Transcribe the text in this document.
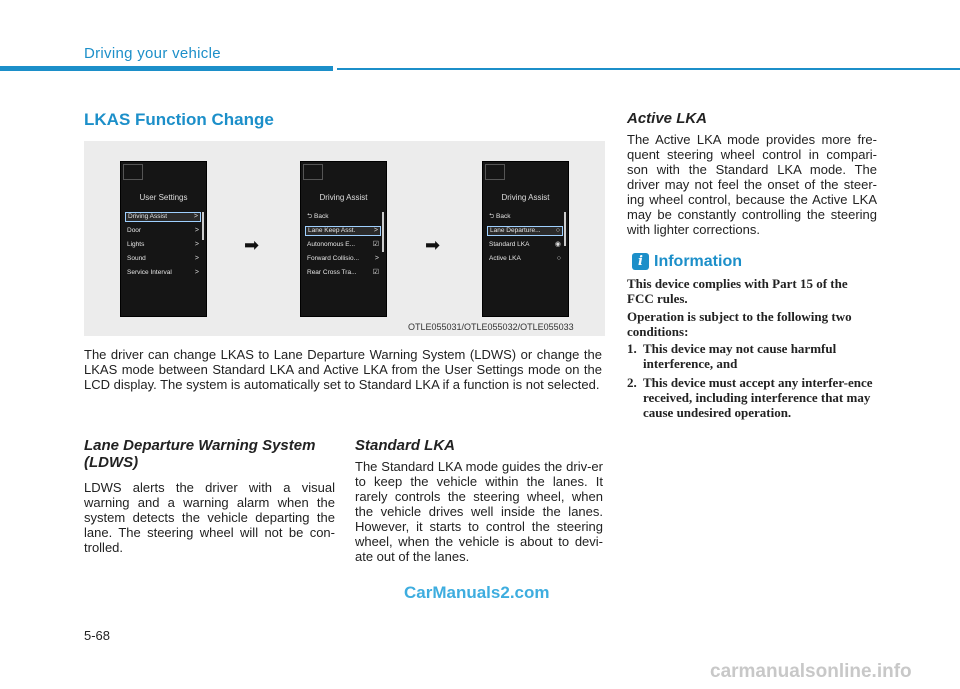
Driving your vehicle
LKAS Function Change
User Settings
Driving Assist	>
Door	>
Lights	>
Sound	>
Service Interval	>
➡
Driving Assist
⮌ Back
Lane Keep Asst.	>
Autonomous E...	☑
Forward Collisio... >
Rear Cross Tra... ☑
➡
Driving Assist
⮌ Back
Lane Departure... ○
Standard LKA	◉
Active LKA	○
OTLE055031/OTLE055032/OTLE055033
The driver can change LKAS to Lane Departure Warning System (LDWS) or change the LKAS mode between Standard LKA and Active LKA from the User Settings mode on the LCD display. The system is automatically set to Standard LKA if a function is not selected.
Lane Departure Warning System
(LDWS)
LDWS alerts the driver with a visual warning and a warning alarm when the system detects the vehicle departing the lane. The steering wheel will not be con-trolled.
Standard LKA
The Standard LKA mode guides the driv-er to keep the vehicle within the lanes. It rarely controls the steering wheel, when the vehicle drives well inside the lanes. However, it starts to control the steering wheel, when the vehicle is about to devi-ate out of the lanes.
Active LKA
The Active LKA mode provides more fre-quent steering wheel control in compari-son with the Standard LKA mode. The driver may not feel the onset of the steer-ing wheel control, because the Active LKA may be constantly controlling the steering with lighter corrections.
i Information
This device complies with Part 15 of the FCC rules.
Operation is subject to the following two conditions:
1. This device may not cause harmful interference, and
2. This device must accept any interfer-ence received, including interference that may cause undesired operation.
CarManuals2.com
5-68
carmanualsonline.info
